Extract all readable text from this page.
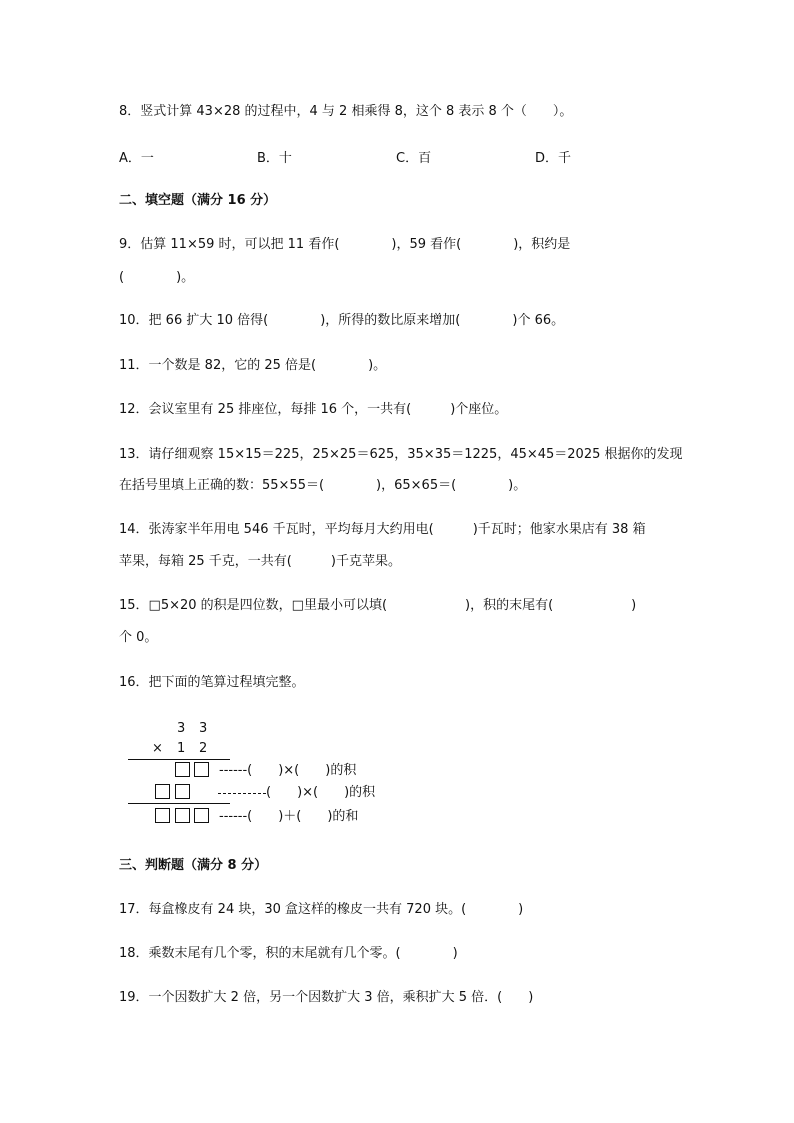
8．竖式计算 43×28 的过程中，4 与 2 相乘得 8，这个 8 表示 8 个（　　）。
A．一	B．十	C．百	D．千
二、填空题（满分 16 分）
9．估算 11×59 时，可以把 11 看作(　　　　)，59 看作(　　　　)，积约是
(　　　　)。
10．把 66 扩大 10 倍得(　　　　)，所得的数比原来增加(　　　　)个 66。
11．一个数是 82，它的 25 倍是(　　　　)。
12．会议室里有 25 排座位，每排 16 个，一共有(　　　)个座位。
13．请仔细观察 15×15＝225，25×25＝625，35×35＝1225，45×45＝2025 根据你的发现
在括号里填上正确的数：55×55＝(　　　　)，65×65＝(　　　　)。
14．张涛家半年用电 546 千瓦时，平均每月大约用电(　　　)千瓦时；他家水果店有 38 箱
苹果，每箱 25 千克，一共有(　　　)千克苹果。
15．□5×20 的积是四位数，□里最小可以填(　　　　　　)，积的末尾有(　　　　　　)
个 0。
16．把下面的笔算过程填完整。
3 3
× 1 2
------(　　)×(　　)的积
(　　)×(　　)的积
------(　　)＋(　　)的和
三、判断题（满分 8 分）
17．每盒橡皮有 24 块，30 盒这样的橡皮一共有 720 块。(　　　　)
18．乘数末尾有几个零，积的末尾就有几个零。(　　　　)
19．一个因数扩大 2 倍，另一个因数扩大 3 倍，乘积扩大 5 倍．(　　)
